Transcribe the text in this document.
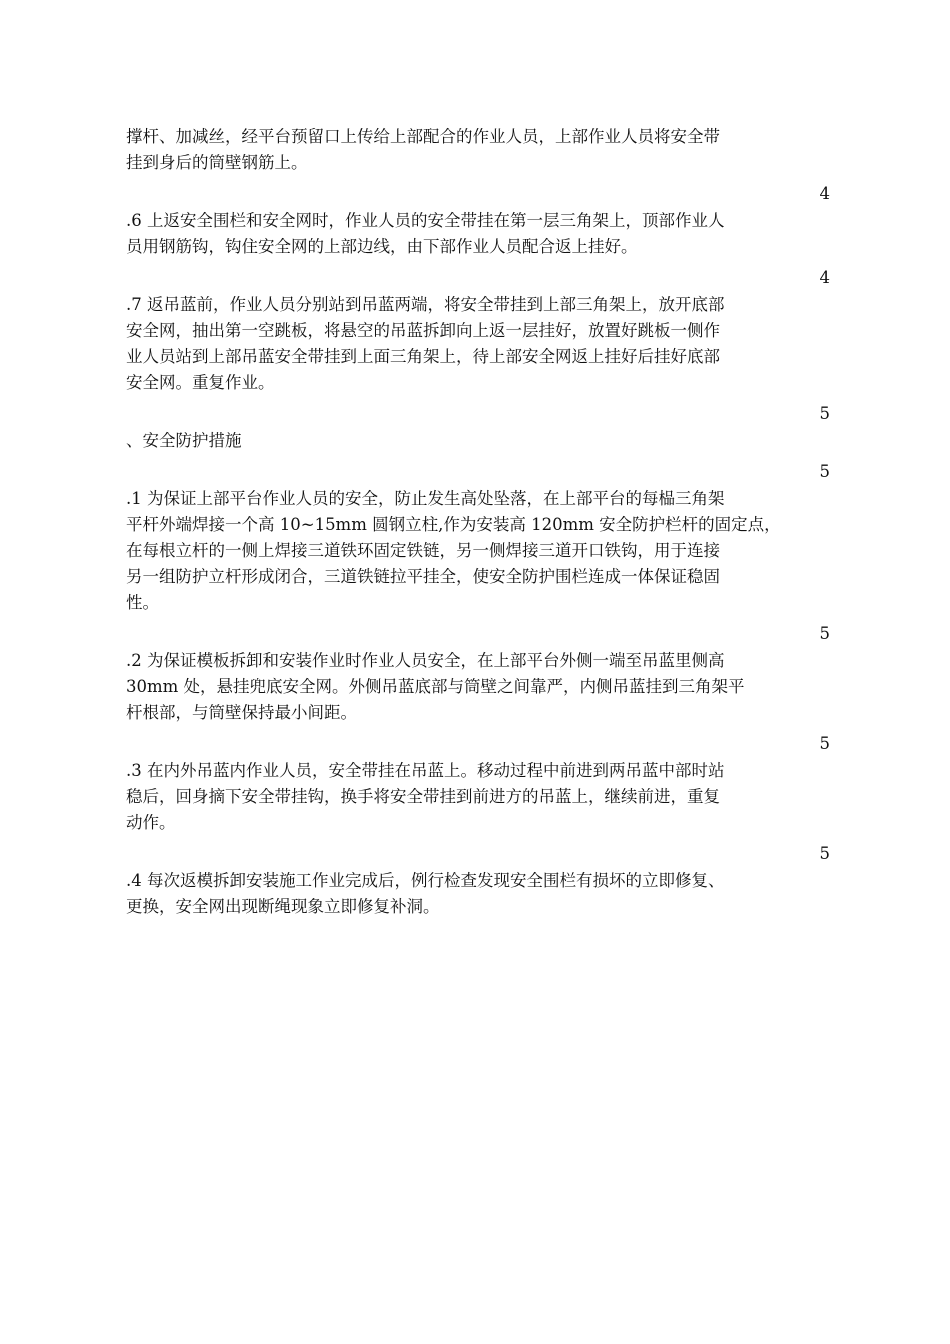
撑杆、加减丝，经平台预留口上传给上部配合的作业人员，上部作业人员将安全带
挂到身后的筒壁钢筋上。

4

.6 上返安全围栏和安全网时，作业人员的安全带挂在第一层三角架上，顶部作业人
员用钢筋钩，钩住安全网的上部边线，由下部作业人员配合返上挂好。

4

.7 返吊蓝前，作业人员分别站到吊蓝两端，将安全带挂到上部三角架上，放开底部
安全网，抽出第一空跳板，将悬空的吊蓝拆卸向上返一层挂好，放置好跳板一侧作
业人员站到上部吊蓝安全带挂到上面三角架上，待上部安全网返上挂好后挂好底部
安全网。重复作业。

5

、安全防护措施

5

.1 为保证上部平台作业人员的安全，防止发生高处坠落，在上部平台的每榀三角架
平杆外端焊接一个高 10~15mm 圆钢立柱,作为安装高 120mm 安全防护栏杆的固定点，
在每根立杆的一侧上焊接三道铁环固定铁链，另一侧焊接三道开口铁钩，用于连接
另一组防护立杆形成闭合，三道铁链拉平挂全，使安全防护围栏连成一体保证稳固
性。

5

.2 为保证模板拆卸和安装作业时作业人员安全，在上部平台外侧一端至吊蓝里侧高
30mm 处，悬挂兜底安全网。外侧吊蓝底部与筒壁之间靠严，内侧吊蓝挂到三角架平
杆根部，与筒壁保持最小间距。

5

.3 在内外吊蓝内作业人员，安全带挂在吊蓝上。移动过程中前进到两吊蓝中部时站
稳后，回身摘下安全带挂钩，换手将安全带挂到前进方的吊蓝上，继续前进，重复
动作。

5

.4 每次返模拆卸安装施工作业完成后，例行检查发现安全围栏有损坏的立即修复、
更换，安全网出现断绳现象立即修复补洞。
